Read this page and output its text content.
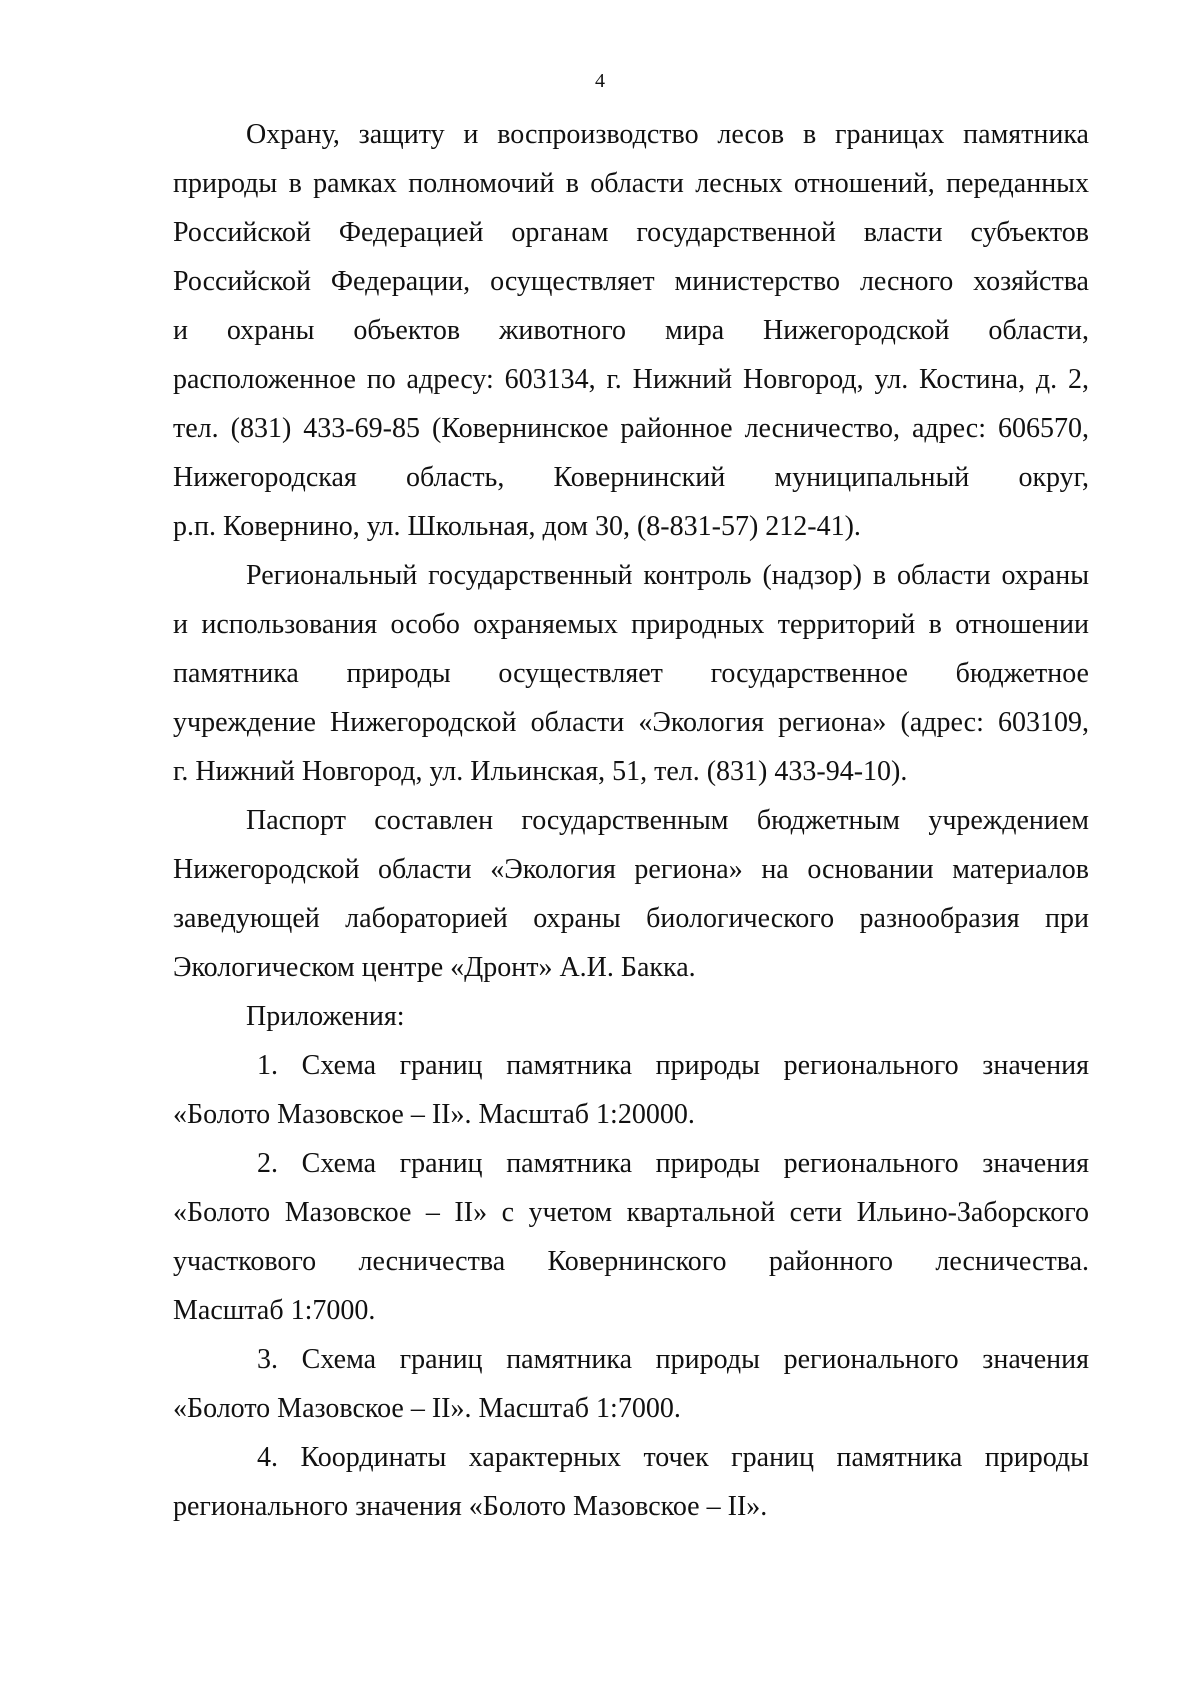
4
Охрану, защиту и воспроизводство лесов в границах памятника
природы в рамках полномочий в области лесных отношений, переданных
Российской Федерацией органам государственной власти субъектов
Российской Федерации, осуществляет министерство лесного хозяйства
и охраны объектов животного мира Нижегородской области,
расположенное по адресу: 603134, г. Нижний Новгород, ул. Костина, д. 2,
тел. (831) 433-69-85 (Ковернинское районное лесничество, адрес: 606570,
Нижегородская область, Ковернинский муниципальный округ,
р.п. Ковернино, ул. Школьная, дом 30, (8-831-57) 212-41).
Региональный государственный контроль (надзор) в области охраны
и использования особо охраняемых природных территорий в отношении
памятника природы осуществляет государственное бюджетное
учреждение Нижегородской области «Экология региона» (адрес: 603109,
г. Нижний Новгород, ул. Ильинская, 51, тел. (831) 433-94-10).
Паспорт составлен государственным бюджетным учреждением
Нижегородской области «Экология региона» на основании материалов
заведующей лабораторией охраны биологического разнообразия при
Экологическом центре «Дронт» А.И. Бакка.
Приложения:
1. Схема границ памятника природы регионального значения
«Болото Мазовское – II». Масштаб 1:20000.
2. Схема границ памятника природы регионального значения
«Болото Мазовское – II» с учетом квартальной сети Ильино-Заборского
участкового лесничества Ковернинского районного лесничества.
Масштаб 1:7000.
3. Схема границ памятника природы регионального значения
«Болото Мазовское – II». Масштаб 1:7000.
4. Координаты характерных точек границ памятника природы
регионального значения «Болото Мазовское – II».
